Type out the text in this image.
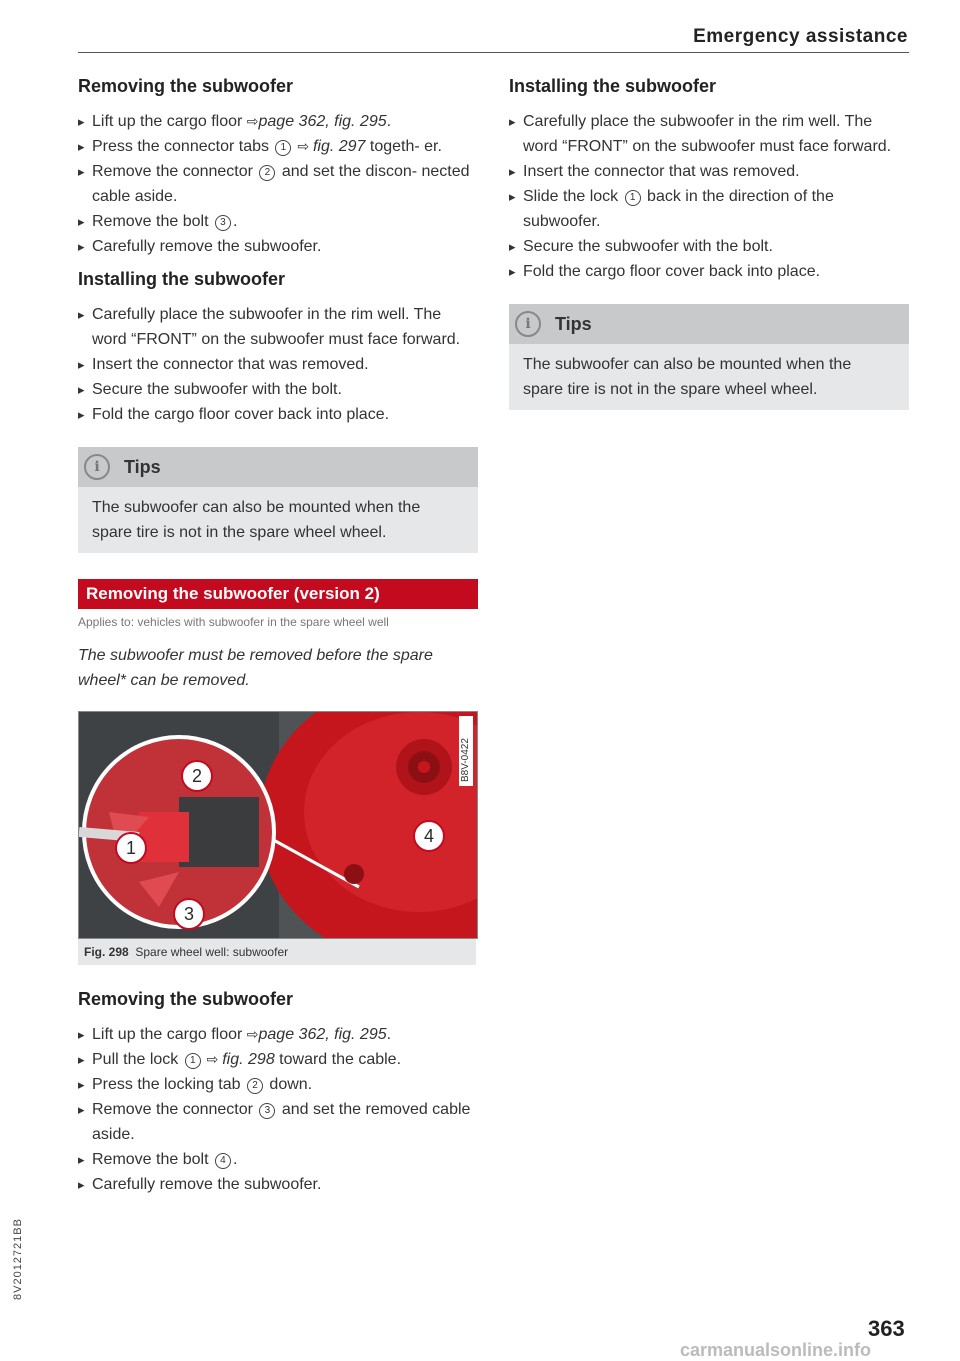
Emergency assistance
Removing the subwoofer
▸ Lift up the cargo floor ⇨page 362, fig. 295.
▸ Press the connector tabs 1 ⇨ fig. 297 togeth- er.
▸ Remove the connector 2 and set the discon- nected cable aside.
▸ Remove the bolt 3 .
▸ Carefully remove the subwoofer.
Installing the subwoofer
▸ Carefully place the subwoofer in the rim well. The word “FRONT” on the subwoofer must face forward.
▸ Insert the connector that was removed.
▸ Secure the subwoofer with the bolt.
▸ Fold the cargo floor cover back into place.
i	Tips
The subwoofer can also be mounted when the spare tire is not in the spare wheel wheel.
Removing the subwoofer (version 2)
Applies to: vehicles with subwoofer in the spare wheel well
The subwoofer must be removed before the spare wheel* can be removed.
B8V-0422
2
1
3
4
Fig. 298 Spare wheel well: subwoofer
Removing the subwoofer
▸ Lift up the cargo floor ⇨page 362, fig. 295.
▸ Pull the lock 1 ⇨ fig. 298 toward the cable.
▸ Press the locking tab 2 down.
▸ Remove the connector 3 and set the removed cable aside.
▸ Remove the bolt 4 .
▸ Carefully remove the subwoofer.
Installing the subwoofer
▸ Carefully place the subwoofer in the rim well. The word “FRONT” on the subwoofer must face forward.
▸ Insert the connector that was removed.
▸ Slide the lock 1 back in the direction of the subwoofer.
▸ Secure the subwoofer with the bolt.
▸ Fold the cargo floor cover back into place.
i	Tips
The subwoofer can also be mounted when the spare tire is not in the spare wheel wheel.
8V2012721BB
363
carmanualsonline.info
